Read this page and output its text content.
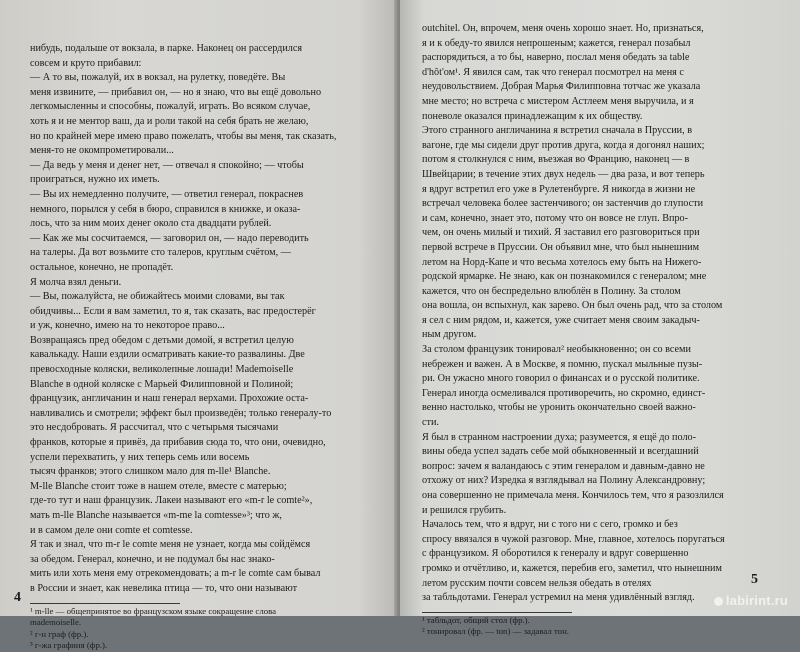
нибудь, подальше от вокзала, в парке. Наконец он рассердился

совсем и круто прибавил:

— А то вы, пожалуй, их в вокзал, на рулетку, поведёте. Вы

меня извините, — прибавил он, — но я знаю, что вы ещё довольно

легкомысленны и способны, пожалуй, играть. Во всяком случае,

хоть я и не ментор ваш, да и роли такой на себя брать не желаю,

но по крайней мере имею право пожелать, чтобы вы меня, так сказать,

меня-то не окомпрометировали...

— Да ведь у меня и денег нет, — отвечал я спокойно; — чтобы

проиграться, нужно их иметь.

— Вы их немедленно получите, — ответил генерал, покраснев

немного, порылся у себя в бюро, справился в книжке, и оказа-

лось, что за ним моих денег около ста двадцати рублей.

— Как же мы сосчитаемся, — заговорил он, — надо переводить

на талеры. Да вот возьмите сто талеров, круглым счётом, —

остальное, конечно, не пропадёт.

Я молча взял деньги.

— Вы, пожалуйста, не обижайтесь моими словами, вы так

обидчивы... Если я вам заметил, то я, так сказать, вас предостерёг

и уж, конечно, имею на то некоторое право...

Возвращаясь пред обедом с детьми домой, я встретил целую

кавалькаду. Наши ездили осматривать какие-то развалины. Две

превосходные коляски, великолепные лошади! Mademoiselle

Blanche в одной коляске с Марьей Филипповной и Полиной;

французик, англичанин и наш генерал верхами. Прохожие оста-

навливались и смотрели; эффект был произведён; только генералу-то

это несдобровать. Я рассчитал, что с четырьмя тысячами

франков, которые я привёз, да прибавив сюда то, что они, очевидно,

успели перехватить, у них теперь семь или восемь

тысяч франков; этого слишком мало для m-lle¹ Blanche.

M-lle Blanche стоит тоже в нашем отеле, вместе с матерью;

где-то тут и наш французик. Лакеи называют его «m-r le comte²»,

мать m-lle Blanche называется «m-me la comtesse»³; что ж,

и в самом деле они comte et comtesse.

Я так и знал, что m-r le comte меня не узнает, когда мы сойдёмся

за обедом. Генерал, конечно, и не подумал бы нас знако-

мить или хоть меня ему отрекомендовать; а m-r le comte сам бывал

в России и знает, как невелика птица — то, что они называют

¹ m-lle — общепринятое во французском языке сокращение слова

mademoiselle.

² г-н граф (фр.).

³ г-жа графиня (фр.).

4

outchitel. Он, впрочем, меня очень хорошо знает. Но, признаться,

я и к обеду-то явился непрошеным; кажется, генерал позабыл

распорядиться, а то бы, наверно, послал меня обедать за table

d'hôt'ом¹. Я явился сам, так что генерал посмотрел на меня с

неудовольствием. Добрая Марья Филипповна тотчас же указала

мне место; но встреча с мистером Астлеем меня выручила, и я

поневоле оказался принадлежащим к их обществу.

Этого странного англичанина я встретил сначала в Пруссии, в

вагоне, где мы сидели друг против друга, когда я догонял наших;

потом я столкнулся с ним, въезжая во Францию, наконец — в

Швейцарии; в течение этих двух недель — два раза, и вот теперь

я вдруг встретил его уже в Рулетенбурге. Я никогда в жизни не

встречал человека более застенчивого; он застенчив до глупости

и сам, конечно, знает это, потому что он вовсе не глуп. Впро-

чем, он очень милый и тихий. Я заставил его разговориться при

первой встрече в Пруссии. Он объявил мне, что был нынешним

летом на Норд-Капе и что весьма хотелось ему быть на Нижего-

родской ярмарке. Не знаю, как он познакомился с генералом; мне

кажется, что он беспредельно влюблён в Полину. За столом

она вошла, он вспыхнул, как зарево. Он был очень рад, что за столом

я сел с ним рядом, и, кажется, уже считает меня своим закадыч-

ным другом.

За столом французик тонировал² необыкновенно; он со всеми

небрежен и важен. А в Москве, я помню, пускал мыльные пузы-

ри. Он ужасно много говорил о финансах и о русской политике.

Генерал иногда осмеливался противоречить, но скромно, единст-

венно настолько, чтобы не уронить окончательно своей важно-

сти.

Я был в странном настроении духа; разумеется, я ещё до поло-

вины обеда успел задать себе мой обыкновенный и всегдашний

вопрос: зачем я валандаюсь с этим генералом и давным-давно не

отхожу от них? Изредка я взглядывал на Полину Александровну;

она совершенно не примечала меня. Кончилось тем, что я разозлился

и решился грубить.

Началось тем, что я вдруг, ни с того ни с сего, громко и без

спросу ввязался в чужой разговор. Мне, главное, хотелось поругаться

с французиком. Я оборотился к генералу и вдруг совершенно

громко и отчётливо, и, кажется, перебив его, заметил, что нынешним

летом русским почти совсем нельзя обедать в отелях

за табльдотами. Генерал устремил на меня удивлённый взгляд.

¹ табльдот, общий стол (фр.).

² тонировал (фр. — ton) — задавал тон.

5
labirint.ru
